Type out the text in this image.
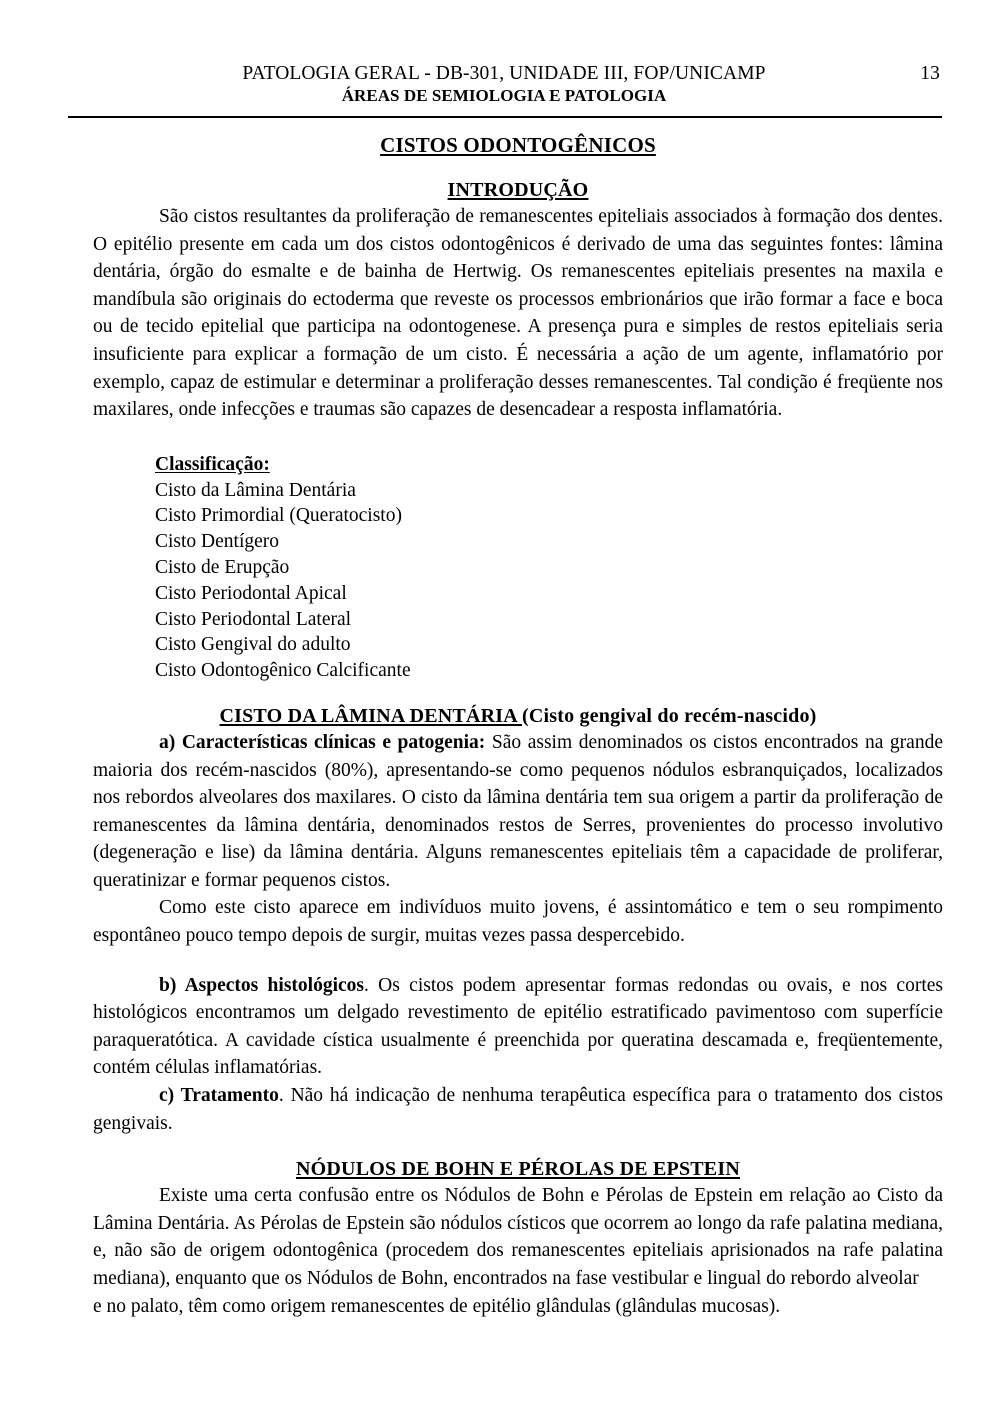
PATOLOGIA GERAL - DB-301, UNIDADE III, FOP/UNICAMP	13
ÁREAS DE SEMIOLOGIA E PATOLOGIA
CISTOS ODONTOGÊNICOS
INTRODUÇÃO

São cistos resultantes da proliferação de remanescentes epiteliais associados à formação dos dentes. O epitélio presente em cada um dos cistos odontogênicos é derivado de uma das seguintes fontes: lâmina dentária, órgão do esmalte e de bainha de Hertwig. Os remanescentes epiteliais presentes na maxila e mandíbula são originais do ectoderma que reveste os processos embrionários que irão formar a face e boca ou de tecido epitelial que participa na odontogenese. A presença pura e simples de restos epiteliais seria insuficiente para explicar a formação de um cisto. É necessária a ação de um agente, inflamatório por exemplo, capaz de estimular e determinar a proliferação desses remanescentes. Tal condição é freqüente nos maxilares, onde infecções e traumas são capazes de desencadear a resposta inflamatória.

Classificação:
Cisto da Lâmina Dentária
Cisto Primordial (Queratocisto)
Cisto Dentígero
Cisto de Erupção
Cisto Periodontal Apical
Cisto Periodontal Lateral
Cisto Gengival do adulto
Cisto Odontogênico Calcificante
CISTO DA LÂMINA DENTÁRIA (Cisto gengival do recém-nascido)

a) Características clínicas e patogenia: São assim denominados os cistos encontrados na grande maioria dos recém-nascidos (80%), apresentando-se como pequenos nódulos esbranquiçados, localizados nos rebordos alveolares dos maxilares. O cisto da lâmina dentária tem sua origem a partir da proliferação de remanescentes da lâmina dentária, denominados restos de Serres, provenientes do processo involutivo (degeneração e lise) da lâmina dentária. Alguns remanescentes epiteliais têm a capacidade de proliferar, queratinizar e formar pequenos cistos.

Como este cisto aparece em indivíduos muito jovens, é assintomático e tem o seu rompimento espontâneo pouco tempo depois de surgir, muitas vezes passa despercebido.

b) Aspectos histológicos. Os cistos podem apresentar formas redondas ou ovais, e nos cortes histológicos encontramos um delgado revestimento de epitélio estratificado pavimentoso com superfície paraqueratótica. A cavidade cística usualmente é preenchida por queratina descamada e, freqüentemente, contém células inflamatórias.

c) Tratamento. Não há indicação de nenhuma terapêutica específica para o tratamento dos cistos gengivais.

NÓDULOS DE BOHN E PÉROLAS DE EPSTEIN

Existe uma certa confusão entre os Nódulos de Bohn e Pérolas de Epstein em relação ao Cisto da Lâmina Dentária. As Pérolas de Epstein são nódulos císticos que ocorrem ao longo da rafe palatina mediana, e, não são de origem odontogênica (procedem dos remanescentes epiteliais aprisionados na rafe palatina mediana), enquanto que os Nódulos de Bohn, encontrados na fase vestibular e lingual do rebordo alveolar

e no palato, têm como origem remanescentes de epitélio glândulas (glândulas mucosas).
